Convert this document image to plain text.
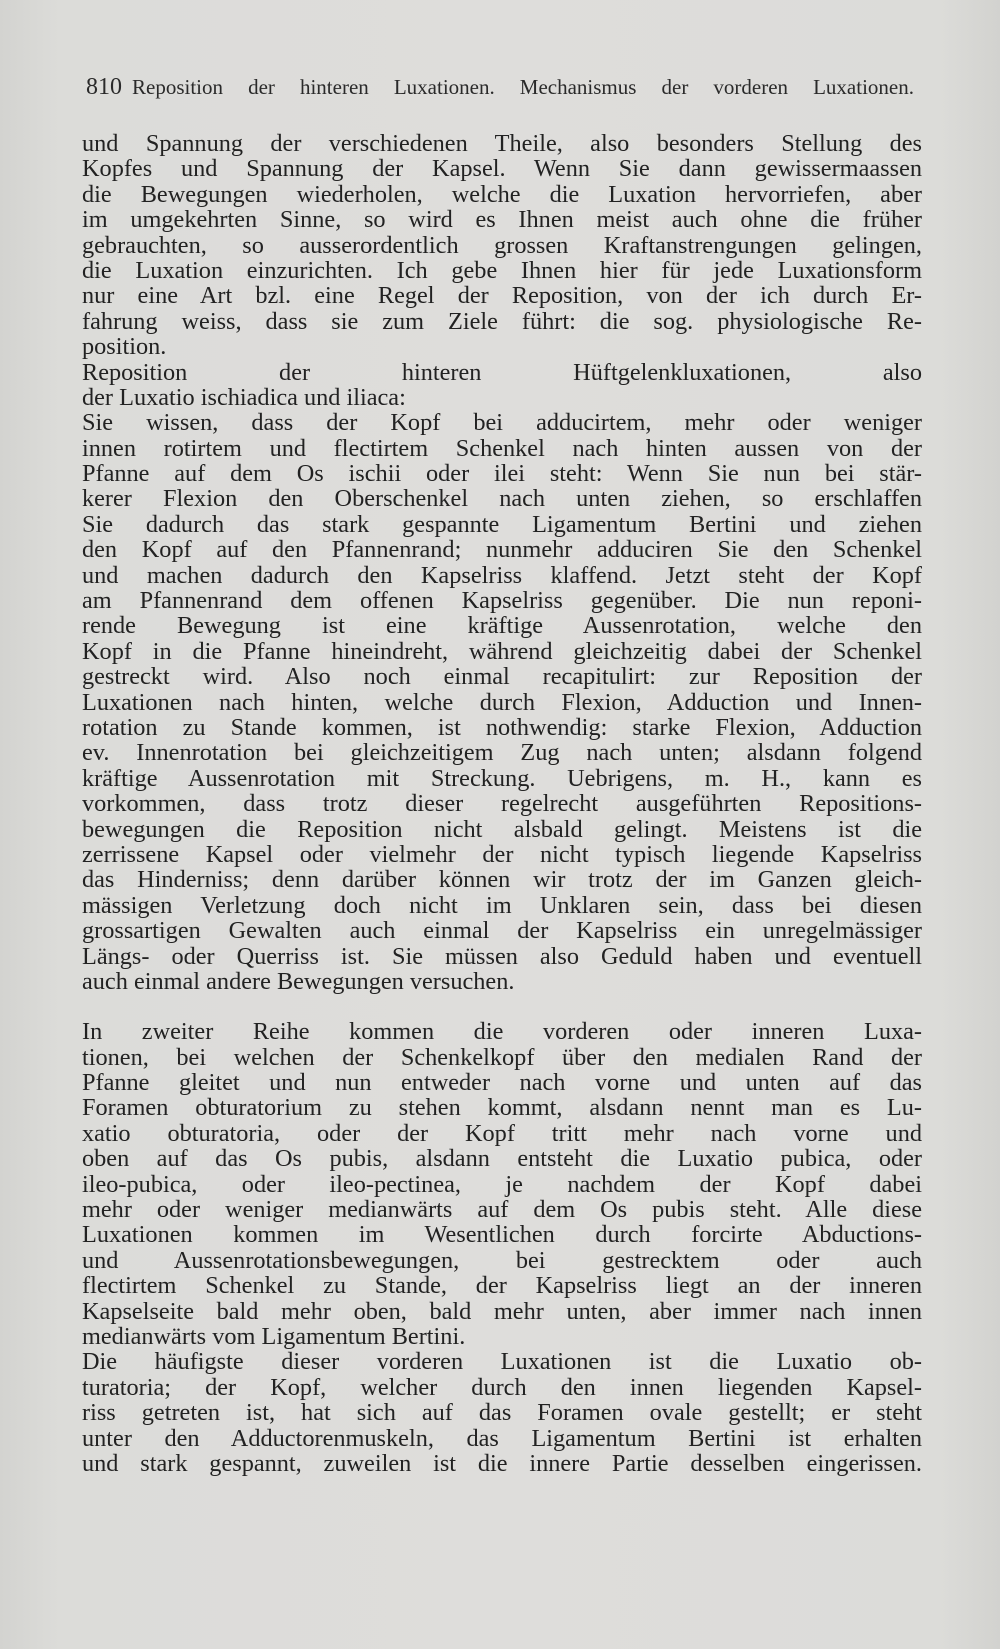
810 Reposition der hinteren Luxationen. Mechanismus der vorderen Luxationen.
und Spannung der verschiedenen Theile, also besonders Stellung des
Kopfes und Spannung der Kapsel. Wenn Sie dann gewissermaassen
die Bewegungen wiederholen, welche die Luxation hervorriefen, aber
im umgekehrten Sinne, so wird es Ihnen meist auch ohne die früher
gebrauchten, so ausserordentlich grossen Kraftanstrengungen gelingen,
die Luxation einzurichten. Ich gebe Ihnen hier für jede Luxationsform
nur eine Art bzl. eine Regel der Reposition, von der ich durch Er-
fahrung weiss, dass sie zum Ziele führt: die sog. physiologische Re-
position.
Reposition der hinteren Hüftgelenkluxationen, also
der Luxatio ischiadica und iliaca:
Sie wissen, dass der Kopf bei adducirtem, mehr oder weniger
innen rotirtem und flectirtem Schenkel nach hinten aussen von der
Pfanne auf dem Os ischii oder ilei steht: Wenn Sie nun bei stär-
kerer Flexion den Oberschenkel nach unten ziehen, so erschlaffen
Sie dadurch das stark gespannte Ligamentum Bertini und ziehen
den Kopf auf den Pfannenrand; nunmehr adduciren Sie den Schenkel
und machen dadurch den Kapselriss klaffend. Jetzt steht der Kopf
am Pfannenrand dem offenen Kapselriss gegenüber. Die nun reponi-
rende Bewegung ist eine kräftige Aussenrotation, welche den
Kopf in die Pfanne hineindreht, während gleichzeitig dabei der Schenkel
gestreckt wird. Also noch einmal recapitulirt: zur Reposition der
Luxationen nach hinten, welche durch Flexion, Adduction und Innen-
rotation zu Stande kommen, ist nothwendig: starke Flexion, Adduction
ev. Innenrotation bei gleichzeitigem Zug nach unten; alsdann folgend
kräftige Aussenrotation mit Streckung. Uebrigens, m. H., kann es
vorkommen, dass trotz dieser regelrecht ausgeführten Repositions-
bewegungen die Reposition nicht alsbald gelingt. Meistens ist die
zerrissene Kapsel oder vielmehr der nicht typisch liegende Kapselriss
das Hinderniss; denn darüber können wir trotz der im Ganzen gleich-
mässigen Verletzung doch nicht im Unklaren sein, dass bei diesen
grossartigen Gewalten auch einmal der Kapselriss ein unregelmässiger
Längs- oder Querriss ist. Sie müssen also Geduld haben und eventuell
auch einmal andere Bewegungen versuchen.
In zweiter Reihe kommen die vorderen oder inneren Luxa-
tionen, bei welchen der Schenkelkopf über den medialen Rand der
Pfanne gleitet und nun entweder nach vorne und unten auf das
Foramen obturatorium zu stehen kommt, alsdann nennt man es Lu-
xatio obturatoria, oder der Kopf tritt mehr nach vorne und
oben auf das Os pubis, alsdann entsteht die Luxatio pubica, oder
ileo-pubica, oder ileo-pectinea, je nachdem der Kopf dabei
mehr oder weniger medianwärts auf dem Os pubis steht. Alle diese
Luxationen kommen im Wesentlichen durch forcirte Abductions-
und Aussenrotationsbewegungen, bei gestrecktem oder auch
flectirtem Schenkel zu Stande, der Kapselriss liegt an der inneren
Kapselseite bald mehr oben, bald mehr unten, aber immer nach innen
medianwärts vom Ligamentum Bertini.
Die häufigste dieser vorderen Luxationen ist die Luxatio ob-
turatoria; der Kopf, welcher durch den innen liegenden Kapsel-
riss getreten ist, hat sich auf das Foramen ovale gestellt; er steht
unter den Adductorenmuskeln, das Ligamentum Bertini ist erhalten
und stark gespannt, zuweilen ist die innere Partie desselben eingerissen.
